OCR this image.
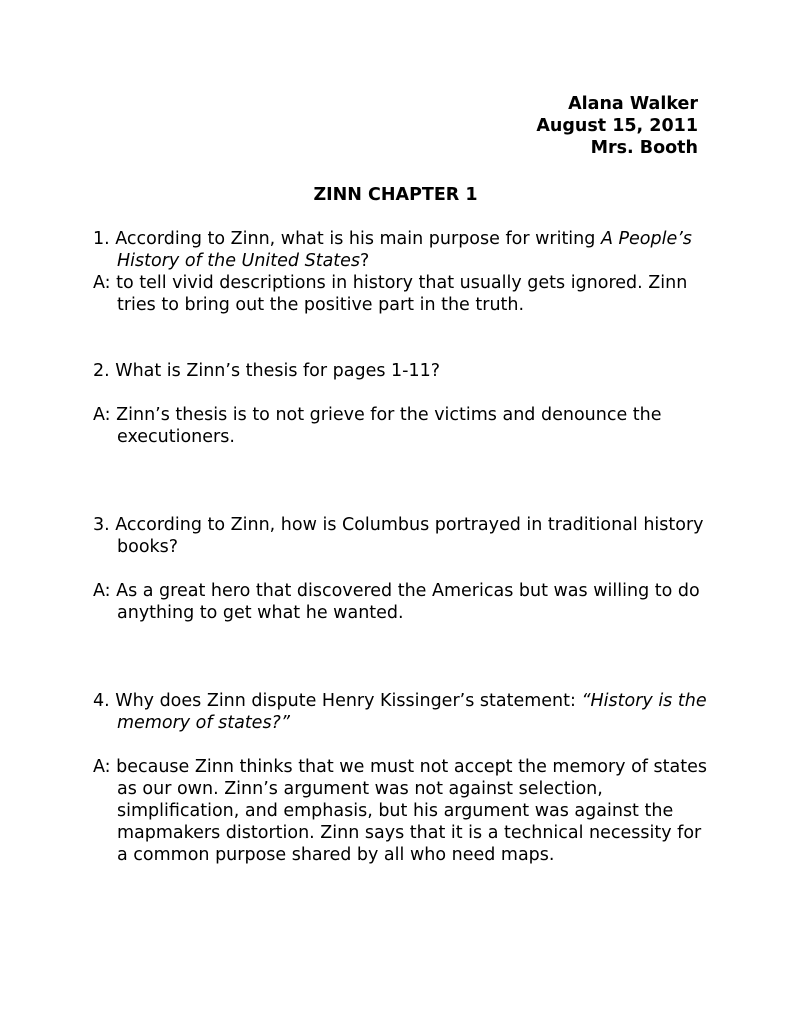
Alana Walker
August 15, 2011
Mrs. Booth
ZINN CHAPTER 1

1. According to Zinn, what is his main purpose for writing A People’s History of the United States?

A: to tell vivid descriptions in history that usually gets ignored. Zinn tries to bring out the positive part in the truth.

2. What is Zinn’s thesis for pages 1-11?

A: Zinn’s thesis is to not grieve for the victims and denounce the executioners.

3. According to Zinn, how is Columbus portrayed in traditional history books?

A: As a great hero that discovered the Americas but was willing to do anything to get what he wanted.

4. Why does Zinn dispute Henry Kissinger’s statement: “History is the memory of states?”

A: because Zinn thinks that we must not accept the memory of states as our own. Zinn’s argument was not against selection, simplification, and emphasis, but his argument was against the mapmakers distortion. Zinn says that it is a technical necessity for a common purpose shared by all who need maps.
